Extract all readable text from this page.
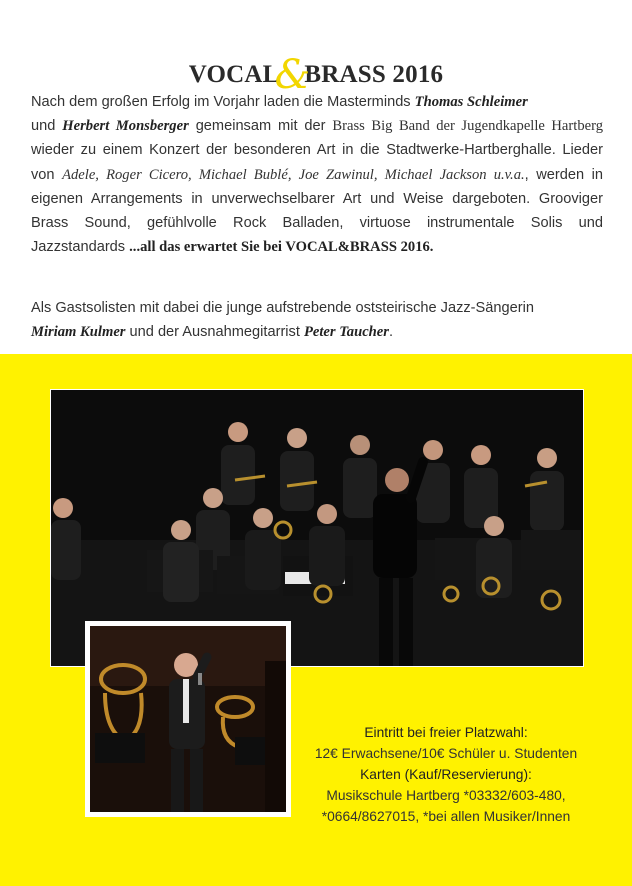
VOCAL&BRASS 2016
Nach dem großen Erfolg im Vorjahr laden die Masterminds Thomas Schleimer
und Herbert Monsberger gemeinsam mit der Brass Big Band der Jugendkapelle Hartberg wieder zu einem Konzert der besonderen Art in die Stadtwerke-Hartberghalle. Lieder von Adele, Roger Cicero, Michael Bublé, Joe Zawinul, Michael Jackson u.v.a., werden in eigenen Arrangements in unverwechselbarer Art und Weise dargeboten. Grooviger Brass Sound, gefühlvolle Rock Balladen, virtuose instrumentale Solis und Jazzstandards ...all das erwartet Sie bei VOCAL&BRASS 2016.
Als Gastsolisten mit dabei die junge aufstrebende oststeirische Jazz-Sängerin
Miriam Kulmer und der Ausnahmegitarrist Peter Taucher.
Eintritt bei freier Platzwahl:
12€ Erwachsene/10€ Schüler u. Studenten
Karten (Kauf/Reservierung):
Musikschule Hartberg *03332/603-480,
*0664/8627015, *bei allen Musiker/Innen
